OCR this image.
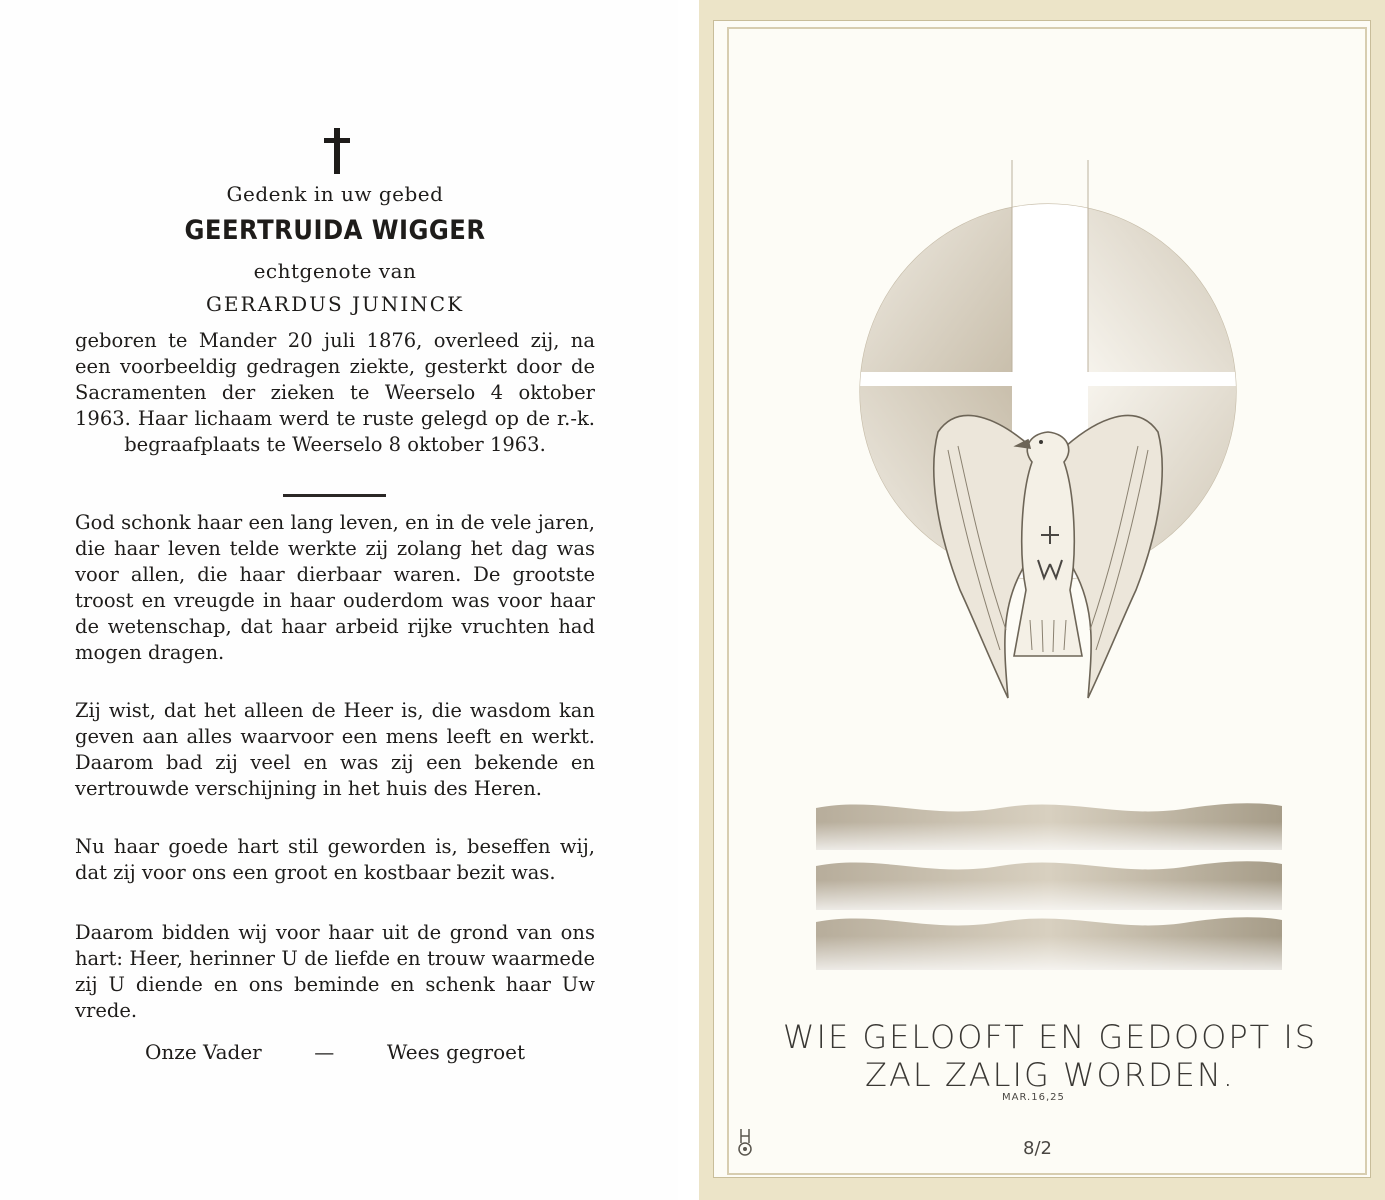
Gedenk in uw gebed
GEERTRUIDA WIGGER
echtgenote van
GERARDUS JUNINCK
geboren te Mander 20 juli 1876, overleed zij, na een voorbeeldig gedragen ziekte, gesterkt door de Sacramenten der zieken te Weerselo 4 oktober 1963. Haar lichaam werd te ruste gelegd op de r.-k. begraafplaats te Weerselo 8 oktober 1963.
God schonk haar een lang leven, en in de vele jaren, die haar leven telde werkte zij zolang het dag was voor allen, die haar dierbaar waren. De grootste troost en vreugde in haar ouderdom was voor haar de wetenschap, dat haar arbeid rijke vruchten had mogen dragen.
Zij wist, dat het alleen de Heer is, die wasdom kan geven aan alles waarvoor een mens leeft en werkt. Daarom bad zij veel en was zij een bekende en vertrouwde verschijning in het huis des Heren.
Nu haar goede hart stil geworden is, beseffen wij, dat zij voor ons een groot en kostbaar bezit was.
Daarom bidden wij voor haar uit de grond van ons hart: Heer, herinner U de liefde en trouw waarmede zij U diende en ons beminde en schenk haar Uw vrede.
Onze Vader	—	Wees gegroet	WIE GELOOFT EN GEDOOPT IS
ZAL ZALIG WORDEN.
MAR.16,25
8/2
